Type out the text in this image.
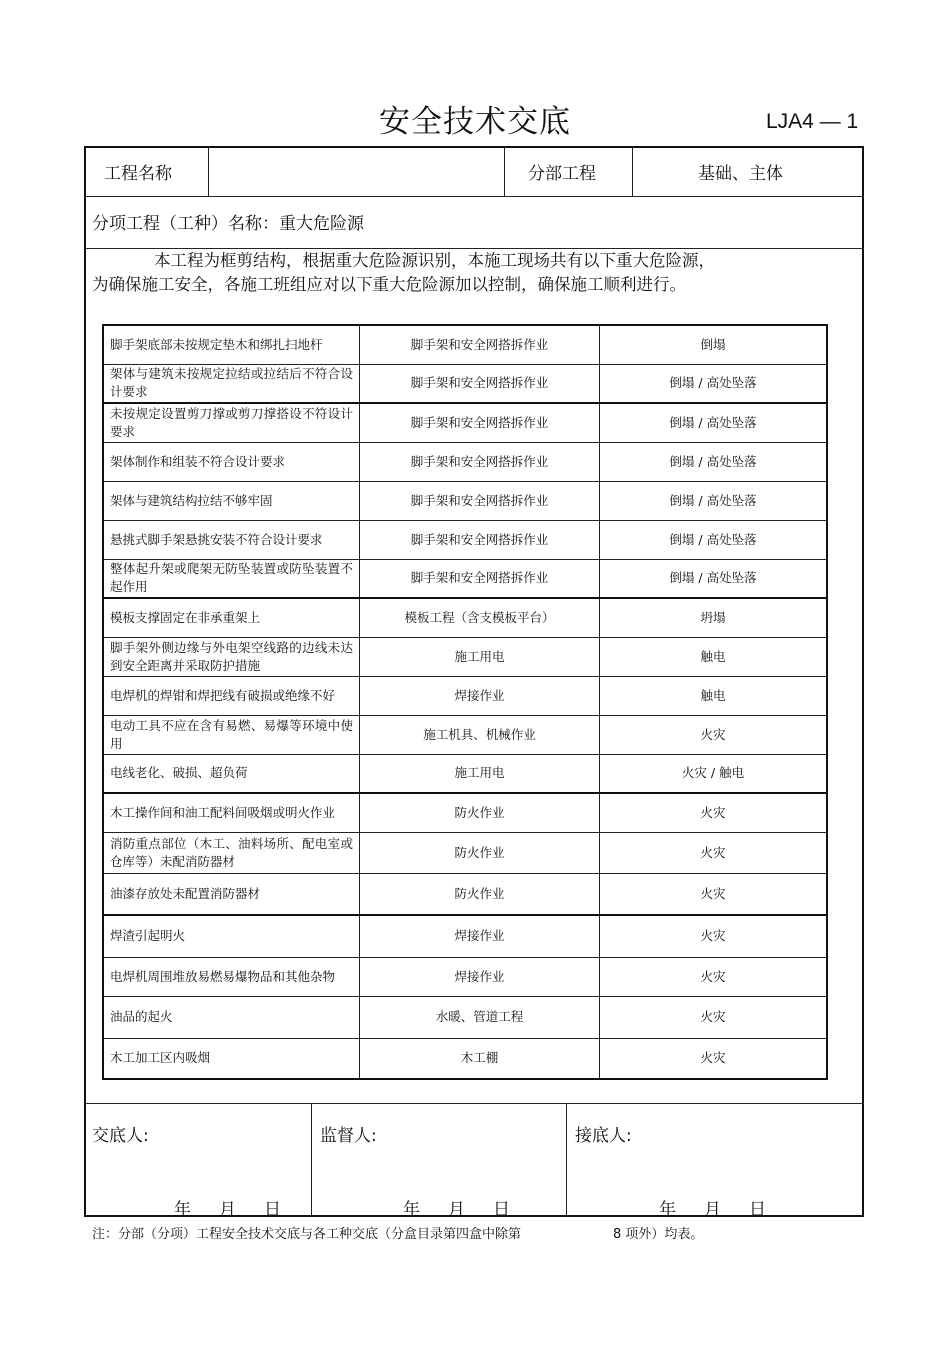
安全技术交底	LJA4 — 1
工程名称	分部工程	基础、主体
分项工程（工种）名称：重大危险源

本工程为框剪结构，根据重大危险源识别，本施工现场共有以下重大危险源，

为确保施工安全，各施工班组应对以下重大危险源加以控制，确保施工顺利进行。

脚手架底部未按规定垫木和绑扎扫地杆	脚手架和安全网搭拆作业	倒塌
架体与建筑未按规定拉结或拉结后不符合设计要求	脚手架和安全网搭拆作业	倒塌 / 高处坠落
未按规定设置剪刀撑或剪刀撑搭设不符设计要求	脚手架和安全网搭拆作业	倒塌 / 高处坠落
架体制作和组装不符合设计要求	脚手架和安全网搭拆作业	倒塌 / 高处坠落
架体与建筑结构拉结不够牢固	脚手架和安全网搭拆作业	倒塌 / 高处坠落
悬挑式脚手架悬挑安装不符合设计要求	脚手架和安全网搭拆作业	倒塌 / 高处坠落
整体起升架或爬架无防坠装置或防坠装置不起作用	脚手架和安全网搭拆作业	倒塌 / 高处坠落
模板支撑固定在非承重架上	模板工程（含支模板平台）	坍塌
脚手架外侧边缘与外电架空线路的边线未达到安全距离并采取防护措施	施工用电	触电
电焊机的焊钳和焊把线有破损或绝缘不好	焊接作业	触电
电动工具不应在含有易燃、易爆等环境中使用	施工机具、机械作业	火灾
电线老化、破损、超负荷	施工用电	火灾 / 触电
木工操作间和油工配料间吸烟或明火作业	防火作业	火灾
消防重点部位（木工、油料场所、配电室或仓库等）未配消防器材	防火作业	火灾
油漆存放处未配置消防器材	防火作业	火灾
焊渣引起明火	焊接作业	火灾
电焊机周围堆放易燃易爆物品和其他杂物	焊接作业	火灾
油品的起火	水暖、管道工程	火灾
木工加工区内吸烟	木工棚	火灾
交底人:	监督人:	接底人:
年 月 日	年 月 日	年 月 日
注：分部（分项）工程安全技术交底与各工种交底（分盒目录第四盒中除第	8 项外）均表。
